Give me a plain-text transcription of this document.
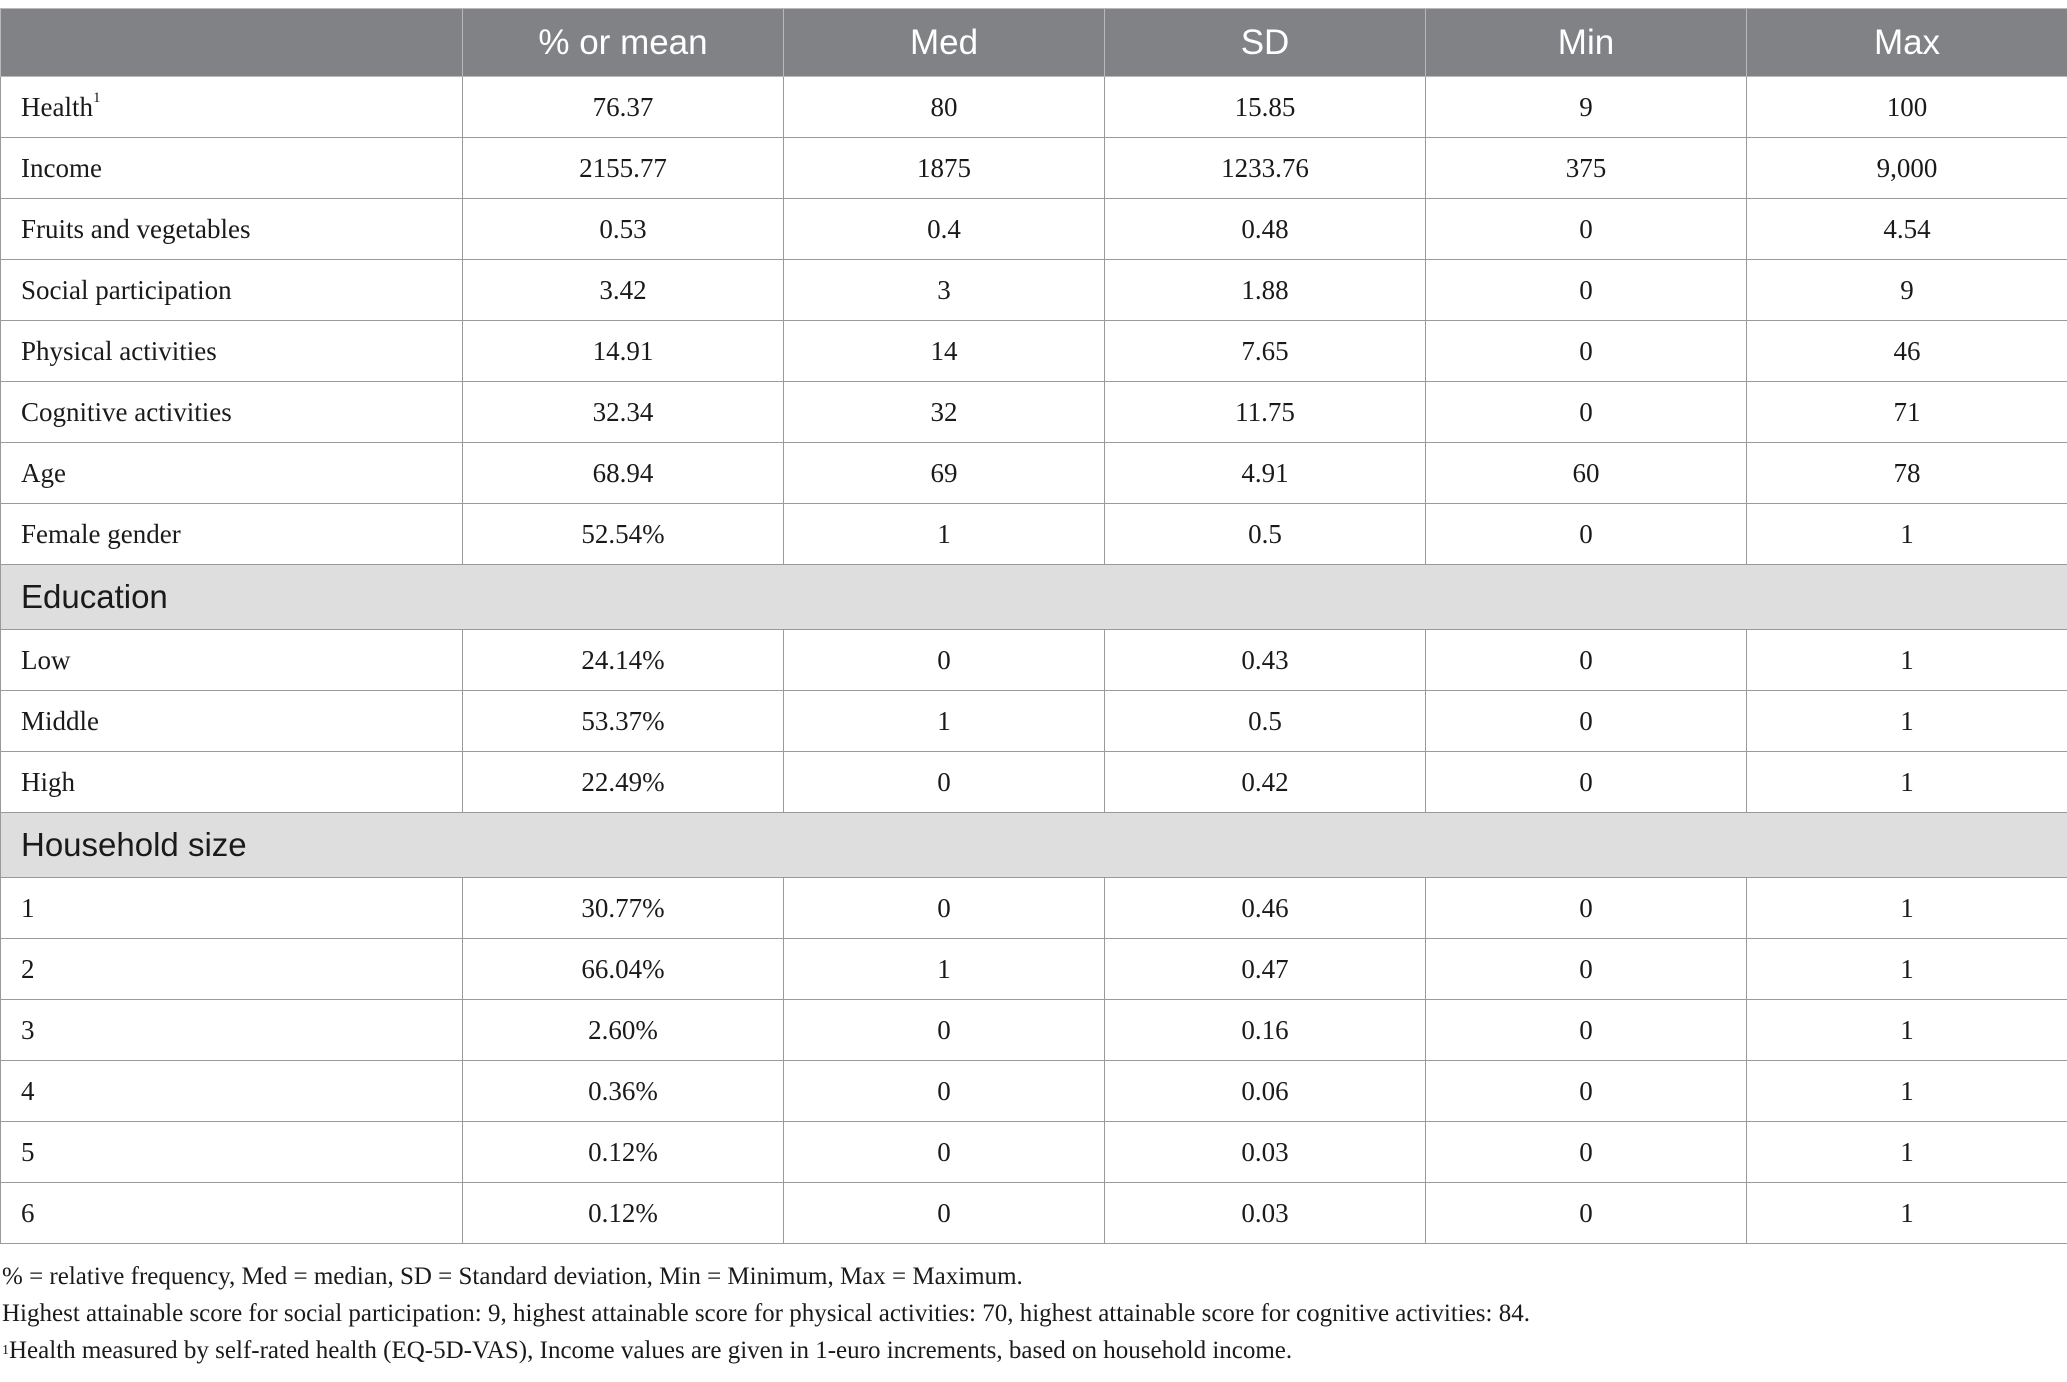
	% or mean	Med	SD	Min	Max
Health$^1$	76.37	80	15.85	9	100
Income	2155.77	1875	1233.76	375	9,000
Fruits and vegetables	0.53	0.4	0.48	0	4.54
Social participation	3.42	3	1.88	0	9
Physical activities	14.91	14	7.65	0	46
Cognitive activities	32.34	32	11.75	0	71
Age	68.94	69	4.91	60	78
Female gender	52.54%	1	0.5	0	1
Education					
Low	24.14%	0	0.43	0	1
Middle	53.37%	1	0.5	0	1
High	22.49%	0	0.42	0	1
Household size					
1	30.77%	0	0.46	0	1
2	66.04%	1	0.47	0	1
3	2.60%	0	0.16	0	1
4	0.36%	0	0.06	0	1
5	0.12%	0	0.03	0	1
6	0.12%	0	0.03	0	1

% = relative frequency, Med = median, SD = Standard deviation, Min = Minimum, Max = Maximum.

Highest attainable score for social participation: 9, highest attainable score for physical activities: 70, highest attainable score for cognitive activities: 84.

$^1$Health measured by self-rated health (EQ-5D-VAS), Income values are given in 1-euro increments, based on household income.
